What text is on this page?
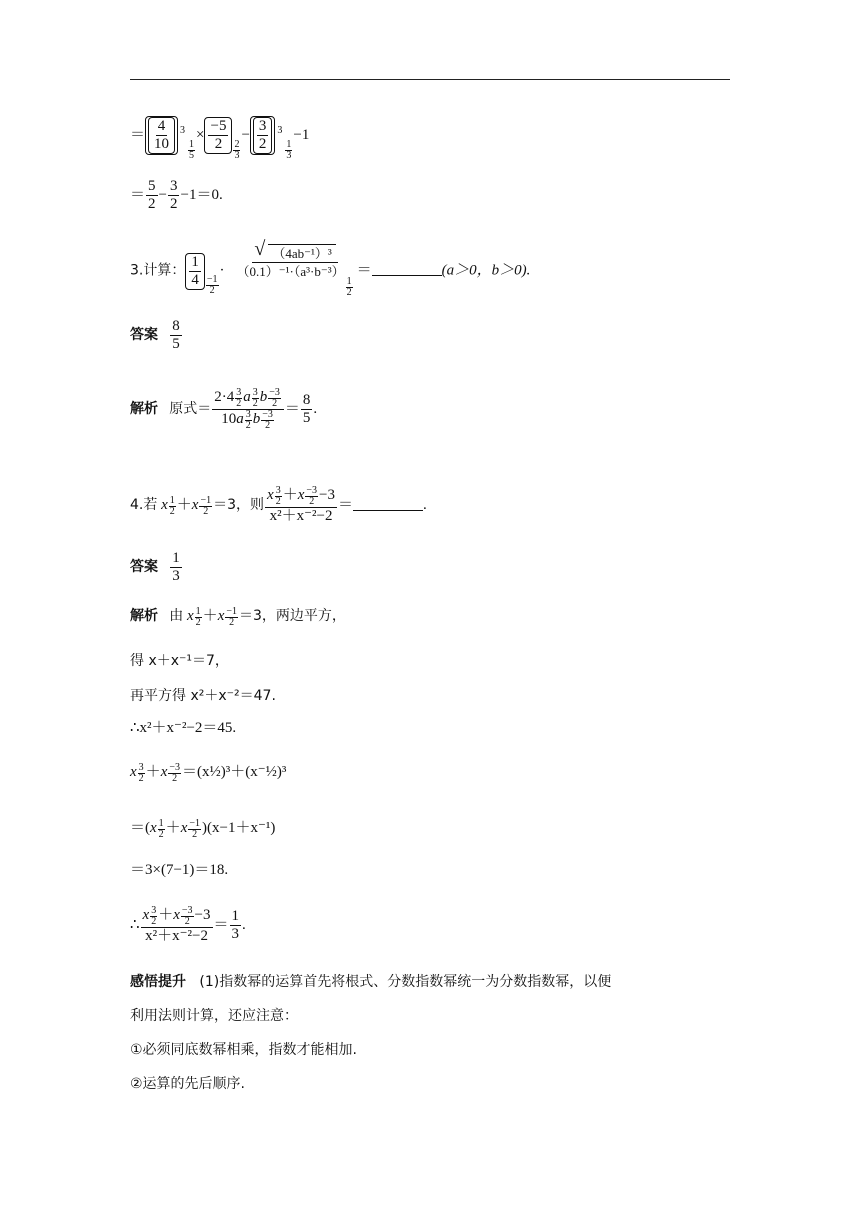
＝ $\frac{4}{10} 3$
$\frac{1}{5}$
× $\frac{-5}{2} \frac{2}{3}$
− $\frac{3}{2} 3$
$\frac{1}{3}$
−1
＝ $\frac{5}{2} - \frac{3}{2} -1=0$.
3.计算： $\frac{1}{4} \frac{-1}{2}$
·
√ （4ab⁻¹）³
（0.1）⁻¹·（a³·b⁻³）
$\frac{1}{2}$ ＝	(a＞0，b＞0).
答案 $\frac{8}{5}$
解析 原式＝ $\frac{2\cdot 4 \frac{3}{2} a \frac{3}{2} b \frac{-3}{2}}{10a \frac{3}{2} b \frac{-3}{2}} = \frac{8}{5}$ .
4.若 x $\frac{1}{2} +x \frac{-1}{2} =3$，则 $\frac{x \frac{3}{2} +x \frac{-3}{2} -3}{\text{x²＋x⁻²−2}}$ ＝	.
答案 $\frac{1}{3}$
解析 由 x $\frac{1}{2} +x \frac{-1}{2} =3$，两边平方，
得 x＋x⁻¹＝7，
再平方得 x²＋x⁻²＝47.
∴x²＋x⁻²−2＝45.
x $\frac{3}{2} +x \frac{-3}{2}$ ＝(x½)³＋(x⁻½)³
$=(x \frac{1}{2} +x \frac{-1}{2} )(x-1+x^{-1})$
＝3×(7−1)＝18.
∴ $\frac{x \frac{3}{2} +x \frac{-3}{2} -3}{\text{x²＋x⁻²−2}} = \frac{1}{3}$ .
感悟提升 (1)指数幂的运算首先将根式、分数指数幂统一为分数指数幂，以便
利用法则计算，还应注意：
①必须同底数幂相乘，指数才能相加.
②运算的先后顺序.
